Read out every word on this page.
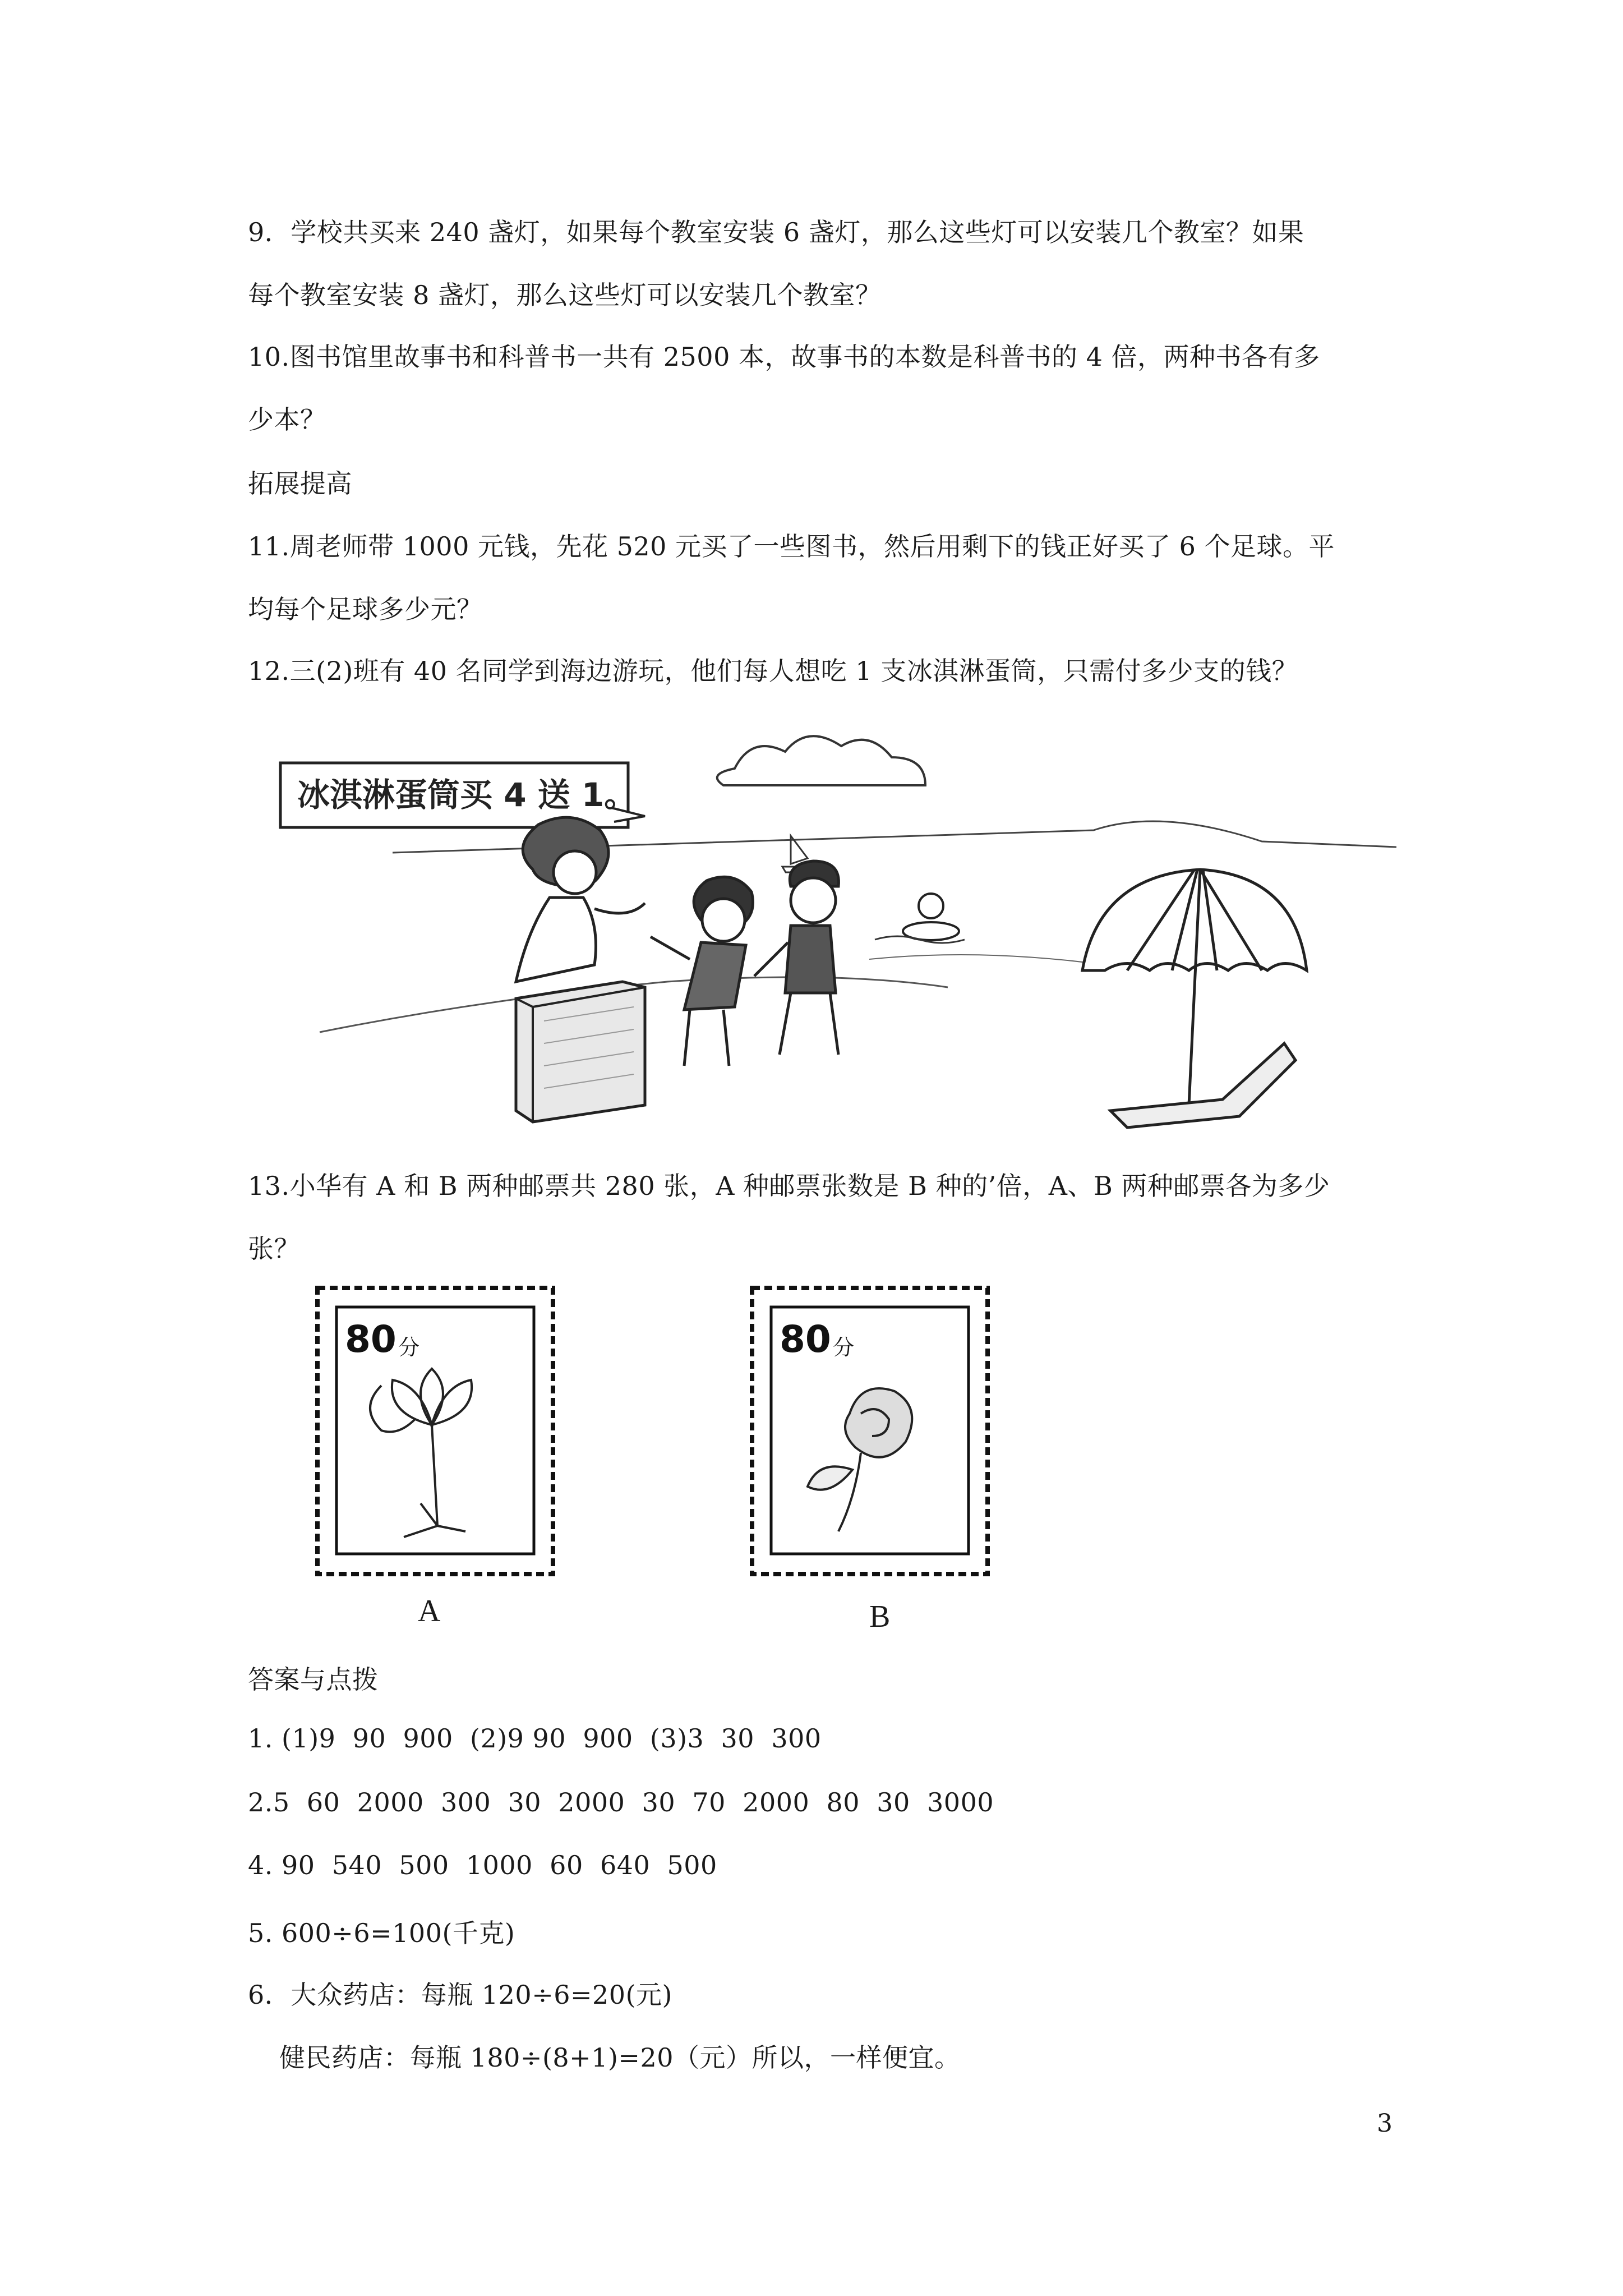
9．学校共买来 240 盏灯，如果每个教室安装 6 盏灯，那么这些灯可以安装几个教室？如果
每个教室安装 8 盏灯，那么这些灯可以安装几个教室？
10.图书馆里故事书和科普书一共有 2500 本，故事书的本数是科普书的 4 倍，两种书各有多
少本？
拓展提高
11.周老师带 1000 元钱，先花 520 元买了一些图书，然后用剩下的钱正好买了 6 个足球。平
均每个足球多少元？
12.三(2)班有 40 名同学到海边游玩，他们每人想吃 1 支冰淇淋蛋筒，只需付多少支的钱？
冰淇淋蛋筒买 4 送 1。
13.小华有 A 和 B 两种邮票共 280 张，A 种邮票张数是 B 种的’倍，A、B 两种邮票各为多少
张？
80 分
A
80 分
B
答案与点拨
1. (1)9  90  900  (2)9 90  900  (3)3  30  300
2.5  60  2000  300  30  2000  30  70  2000  80  30  3000
4. 90  540  500  1000  60  640  500
5. 600÷6=100(千克)
6．大众药店：每瓶 120÷6=20(元)
健民药店：每瓶 180÷(8+1)=20（元）所以，一样便宜。
3
